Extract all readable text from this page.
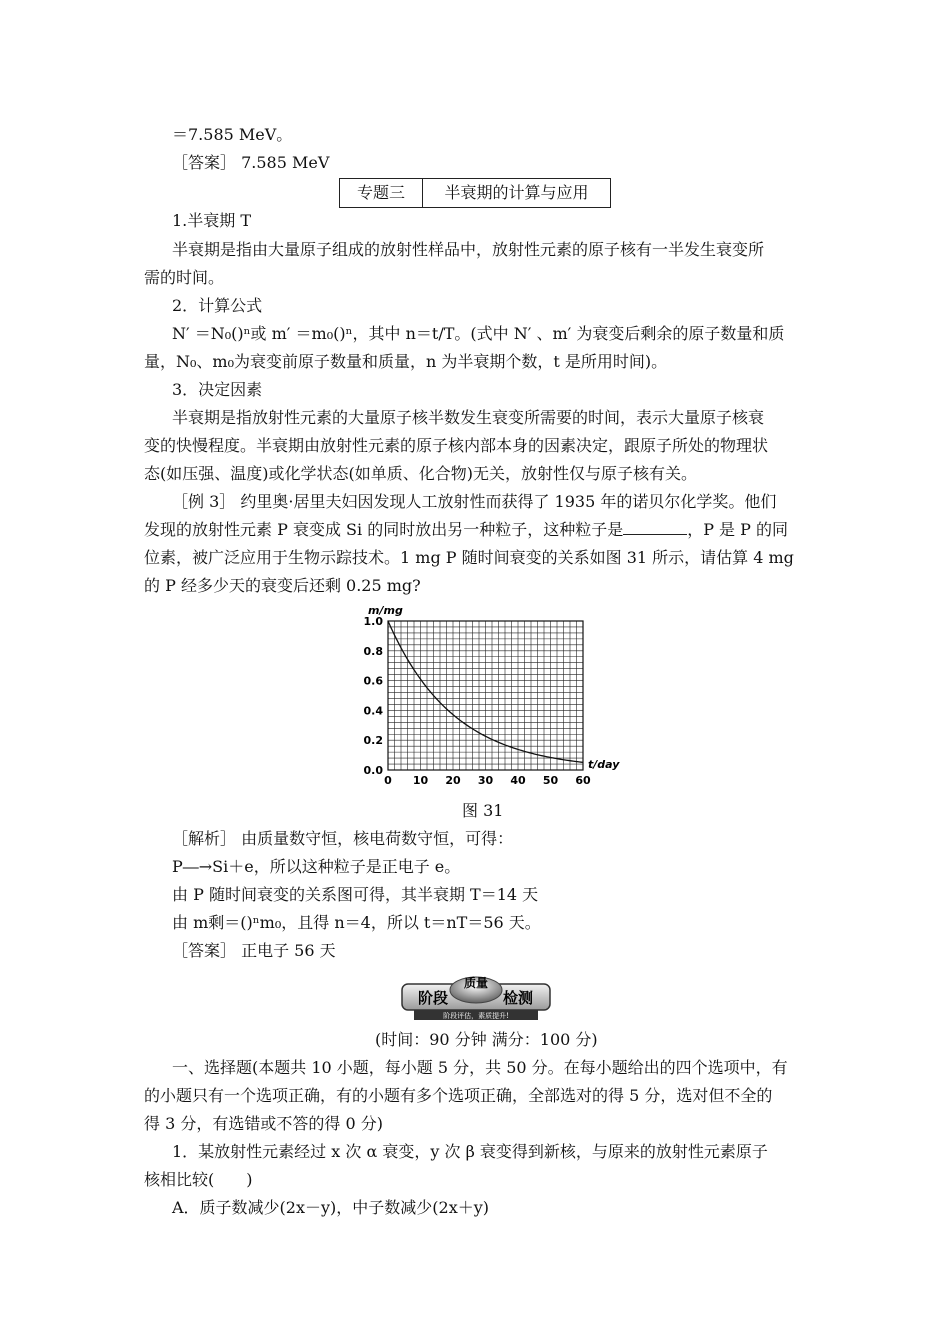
＝7.585 MeV。
［答案］ 7.585 MeV
专题三	半衰期的计算与应用
1.半衰期 T
半衰期是指由大量原子组成的放射性样品中，放射性元素的原子核有一半发生衰变所
需的时间。
2．计算公式
N′ ＝N₀()ⁿ或 m′ ＝m₀()ⁿ，其中 n＝t/T。(式中 N′ 、m′ 为衰变后剩余的原子数量和质
量，N₀、m₀为衰变前原子数量和质量，n 为半衰期个数，t 是所用时间)。
3．决定因素
半衰期是指放射性元素的大量原子核半数发生衰变所需要的时间，表示大量原子核衰
变的快慢程度。半衰期由放射性元素的原子核内部本身的因素决定，跟原子所处的物理状
态(如压强、温度)或化学状态(如单质、化合物)无关，放射性仅与原子核有关。
［例 3］ 约里奥·居里夫妇因发现人工放射性而获得了 1935 年的诺贝尔化学奖。他们
发现的放射性元素 P 衰变成 Si 的同时放出另一种粒子，这种粒子是	，P 是 P 的同
位素，被广泛应用于生物示踪技术。1 mg P 随时间衰变的关系如图 31 所示，请估算 4 mg
的 P 经多少天的衰变后还剩 0.25 mg?
0 10 20 30 40 50 60
0.0
0.2
0.4
0.6
0.8
1.0
m/mg
t/day
图 31
［解析］ 由质量数守恒，核电荷数守恒，可得：
P―→Si＋e，所以这种粒子是正电子 e。
由 P 随时间衰变的关系图可得，其半衰期 T＝14 天
由 m剩＝()ⁿm₀，且得 n＝4，所以 t＝nT＝56 天。
［答案］ 正电子 56 天
质量
阶段	检测
阶段评估，素质提升!
(时间：90 分钟 满分：100 分)
一、选择题(本题共 10 小题，每小题 5 分，共 50 分。在每小题给出的四个选项中，有
的小题只有一个选项正确，有的小题有多个选项正确，全部选对的得 5 分，选对但不全的
得 3 分，有选错或不答的得 0 分)
1．某放射性元素经过 x 次 α 衰变，y 次 β 衰变得到新核，与原来的放射性元素原子
核相比较(　　)
A．质子数减少(2x－y)，中子数减少(2x＋y)
